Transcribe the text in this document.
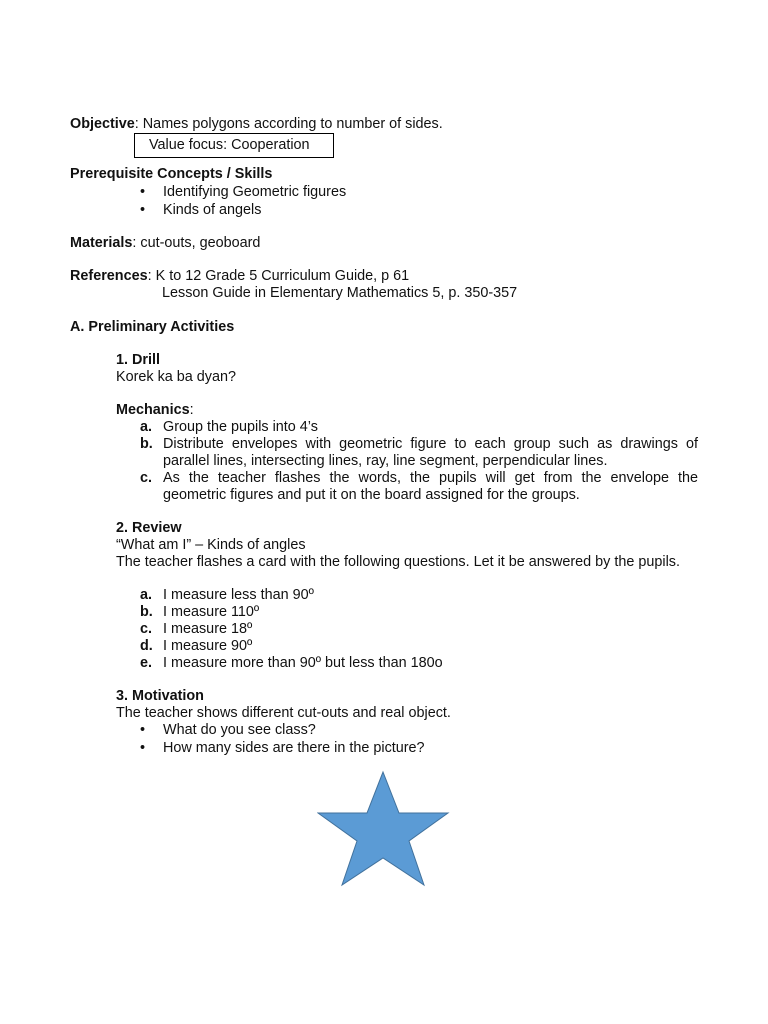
Objective: Names polygons according to number of sides.
Value focus: Cooperation
Prerequisite Concepts / Skills
• Identifying Geometric figures
• Kinds of angels
Materials: cut-outs, geoboard
References: K to 12 Grade 5 Curriculum Guide, p 61
Lesson Guide in Elementary Mathematics 5, p. 350-357
A. Preliminary Activities
1. Drill
Korek ka ba dyan?
Mechanics:
a. Group the pupils into 4’s
b. Distribute envelopes with geometric figure to each group such as drawings of parallel lines, intersecting lines, ray, line segment, perpendicular lines.
c. As the teacher flashes the words, the pupils will get from the envelope the geometric figures and put it on the board assigned for the groups.
2. Review
“What am I” – Kinds of angles
The teacher flashes a card with the following questions. Let it be answered by the pupils.
a. I measure less than 90º
b. I measure 110º
c. I measure 18º
d. I measure 90º
e. I measure more than 90º but less than 180o
3. Motivation
The teacher shows different cut-outs and real object.
• What do you see class?
• How many sides are there in the picture?
